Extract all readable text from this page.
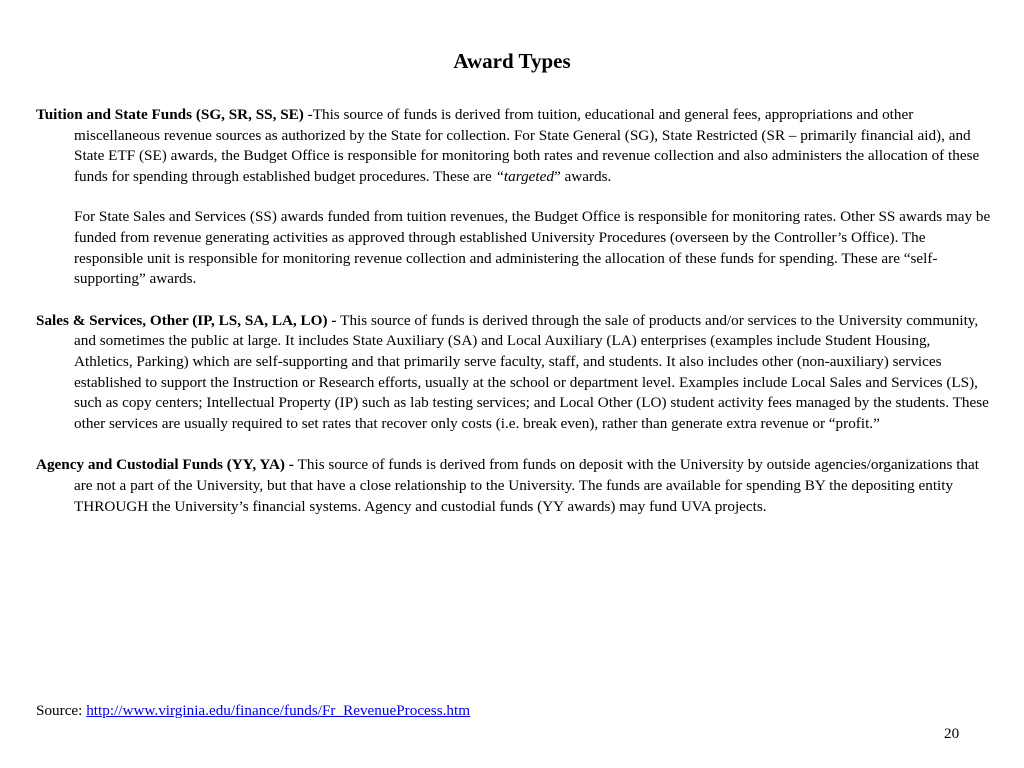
Award Types

Tuition and State Funds (SG, SR, SS, SE) -This source of funds is derived from tuition, educational and general fees, appropriations and other miscellaneous revenue sources as authorized by the State for collection. For State General (SG), State Restricted (SR – primarily financial aid), and State ETF (SE) awards, the Budget Office is responsible for monitoring both rates and revenue collection and also administers the allocation of these funds for spending through established budget procedures. These are “targeted” awards.

For State Sales and Services (SS) awards funded from tuition revenues, the Budget Office is responsible for monitoring rates. Other SS awards may be funded from revenue generating activities as approved through established University Procedures (overseen by the Controller’s Office). The responsible unit is responsible for monitoring revenue collection and administering the allocation of these funds for spending. These are “self-supporting” awards.

Sales & Services, Other (IP, LS, SA, LA, LO) - This source of funds is derived through the sale of products and/or services to the University community, and sometimes the public at large. It includes State Auxiliary (SA) and Local Auxiliary (LA) enterprises (examples include Student Housing, Athletics, Parking) which are self-supporting and that primarily serve faculty, staff, and students. It also includes other (non-auxiliary) services established to support the Instruction or Research efforts, usually at the school or department level. Examples include Local Sales and Services (LS), such as copy centers; Intellectual Property (IP) such as lab testing services; and Local Other (LO) student activity fees managed by the students. These other services are usually required to set rates that recover only costs (i.e. break even), rather than generate extra revenue or “profit.”

Agency and Custodial Funds (YY, YA) - This source of funds is derived from funds on deposit with the University by outside agencies/organizations that are not a part of the University, but that have a close relationship to the University. The funds are available for spending BY the depositing entity THROUGH the University’s financial systems. Agency and custodial funds (YY awards) may fund UVA projects.

Source: http://www.virginia.edu/finance/funds/Fr_RevenueProcess.htm
20
